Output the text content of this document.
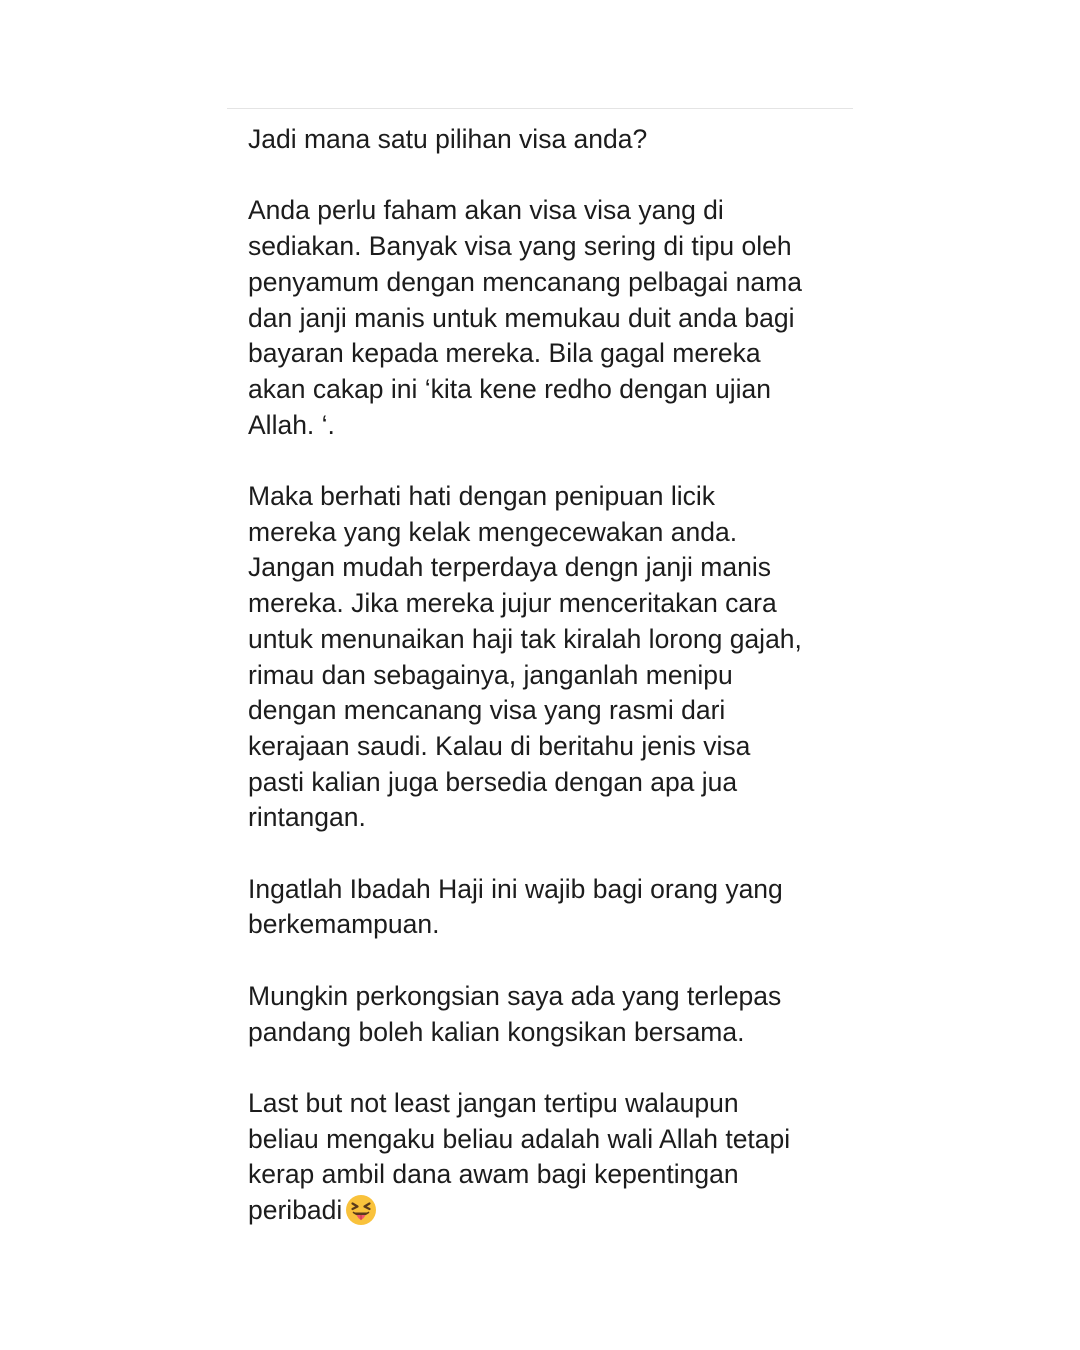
Jadi mana satu pilihan visa anda?

Anda perlu faham akan visa visa yang di
sediakan. Banyak visa yang sering di tipu oleh
penyamum dengan mencanang pelbagai nama
dan janji manis untuk memukau duit anda bagi
bayaran kepada mereka. Bila gagal mereka
akan cakap ini ‘kita kene redho dengan ujian
Allah. ‘.

Maka berhati hati dengan penipuan licik
mereka yang kelak mengecewakan anda.
Jangan mudah terperdaya dengn janji manis
mereka. Jika mereka jujur menceritakan cara
untuk menunaikan haji tak kiralah lorong gajah,
rimau dan sebagainya, janganlah menipu
dengan mencanang visa yang rasmi dari
kerajaan saudi. Kalau di beritahu jenis visa
pasti kalian juga bersedia dengan apa jua
rintangan.

Ingatlah Ibadah Haji ini wajib bagi orang yang
berkemampuan.

Mungkin perkongsian saya ada yang terlepas
pandang boleh kalian kongsikan bersama.

Last but not least jangan tertipu walaupun
beliau mengaku beliau adalah wali Allah tetapi
kerap ambil dana awam bagi kepentingan
peribadi
